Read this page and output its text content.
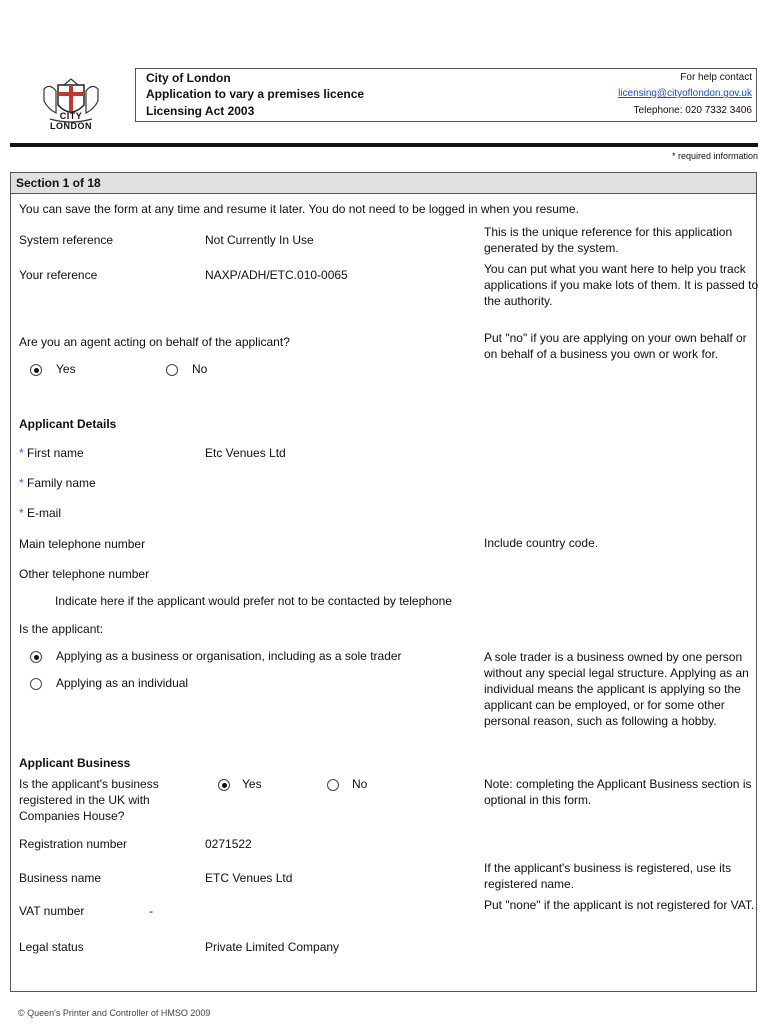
CITY
LONDON
City of London
Application to vary a premises licence
Licensing Act 2003
For help contact
licensing@cityoflondon.gov.uk
Telephone: 020 7332 3406
* required information
Section 1 of 18
You can save the form at any time and resume it later. You do not need to be logged in when you resume.
System reference	Not Currently In Use
This is the unique reference for this application generated by the system.
Your reference	NAXP/ADH/ETC.010-0065	You can put what you want here to help you track applications if you make lots of them. It is passed to the authority.
Are you an agent acting on behalf of the applicant?	Put "no" if you are applying on your own behalf or on behalf of a business you own or work for.
Yes	No
Applicant Details
* First name	Etc Venues Ltd
* Family name
* E-mail
Main telephone number	Include country code.
Other telephone number
Indicate here if the applicant would prefer not to be contacted by telephone
Is the applicant:
Applying as a business or organisation, including as a sole trader
Applying as an individual
A sole trader is a business owned by one person without any special legal structure. Applying as an individual means the applicant is applying so the applicant can be employed, or for some other personal reason, such as following a hobby.
Applicant Business
Is the applicant's business registered in the UK with Companies House?
Yes	No	Note: completing the Applicant Business section is optional in this form.
Registration number	0271522
Business name	ETC Venues Ltd
If the applicant's business is registered, use its registered name.
VAT number	-	Put "none" if the applicant is not registered for VAT.
Legal status	Private Limited Company
© Queen's Printer and Controller of HMSO 2009
